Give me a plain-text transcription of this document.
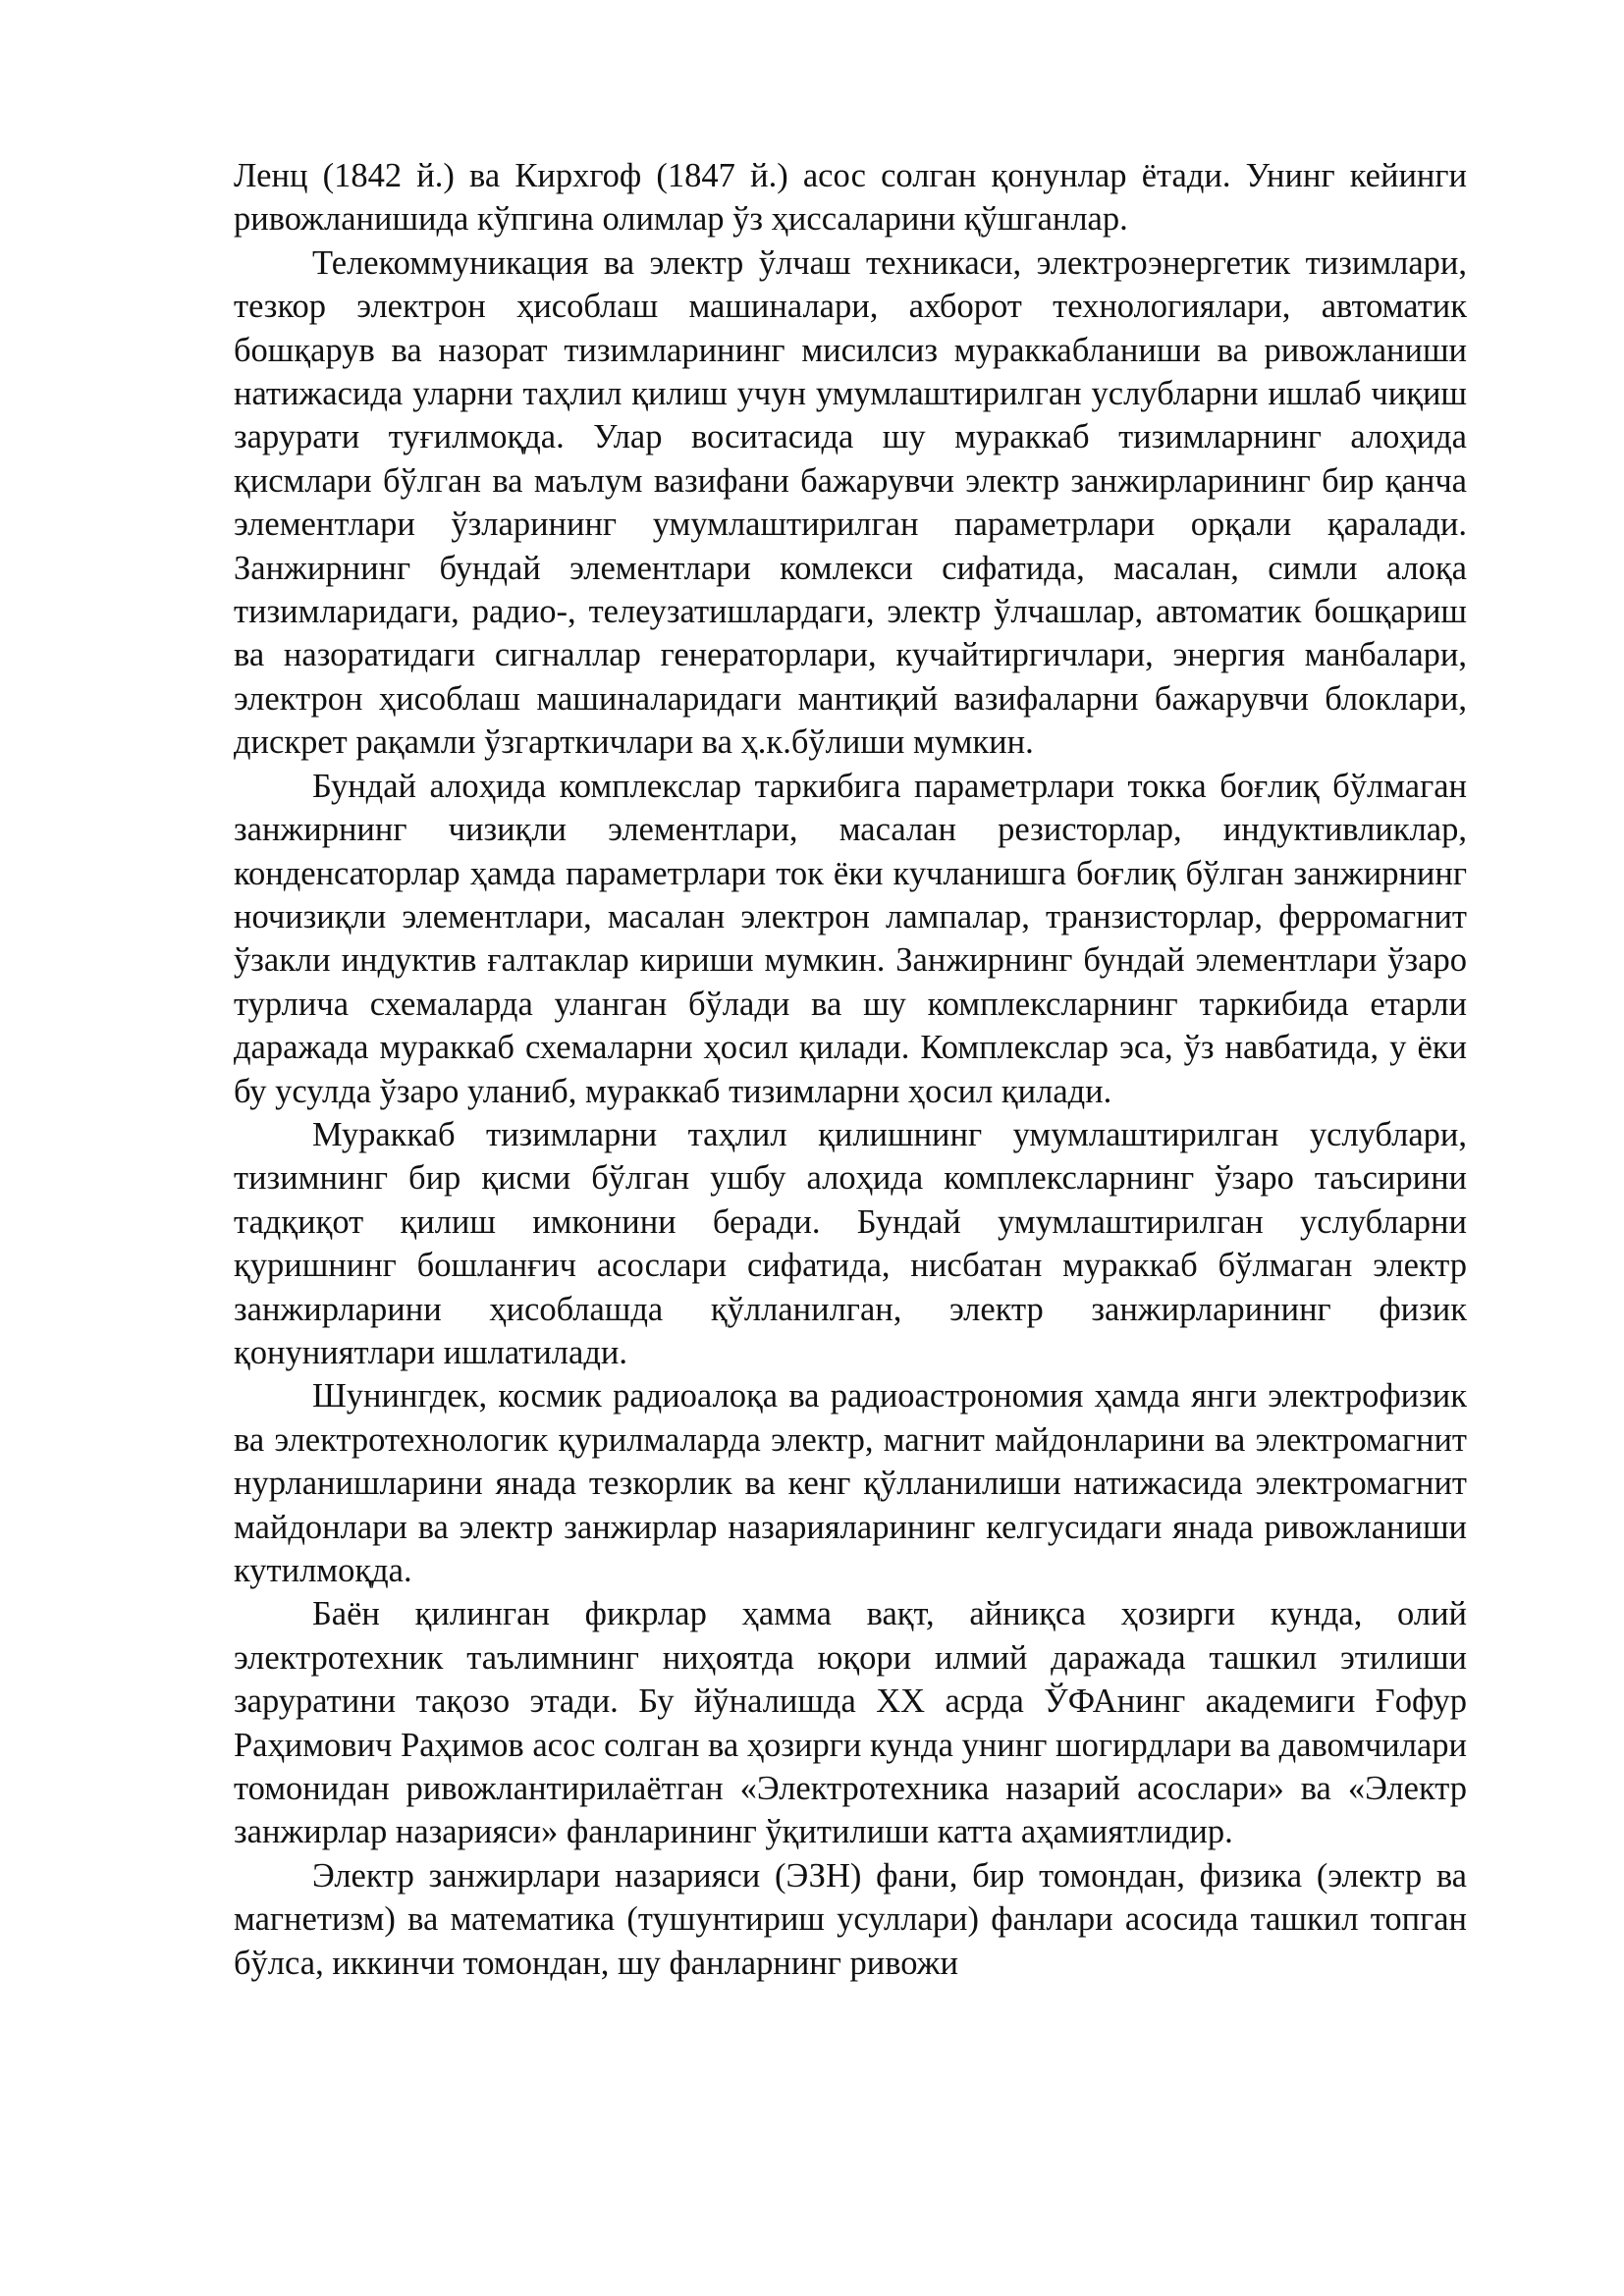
Ленц (1842 й.) ва Кирхгоф (1847 й.) асос солган қонунлар ётади. Унинг кейинги ривожланишида кўпгина олимлар ўз ҳиссаларини қўшганлар.

Телекоммуникация ва электр ўлчаш техникаси, электроэнергетик тизимлари, тезкор электрон ҳисоблаш машиналари, ахборот технологиялари, автоматик бошқарув ва назорат тизимларининг мисилсиз мураккабланиши ва ривожланиши натижасида уларни таҳлил қилиш учун умумлаштирилган услубларни ишлаб чиқиш зарурати туғилмоқда. Улар воситасида шу мураккаб тизимларнинг алоҳида қисмлари бўлган ва маълум вазифани бажарувчи электр занжирларининг бир қанча элементлари ўзларининг умумлаштирилган параметрлари орқали қаралади. Занжирнинг бундай элементлари комлекси сифатида, масалан, симли алоқа тизимларидаги, радио-, телеузатишлардаги, электр ўлчашлар, автоматик бошқариш ва назоратидаги сигналлар генераторлари, кучайтиргичлари, энергия манбалари, электрон ҳисоблаш машиналаридаги мантиқий вазифаларни бажарувчи блоклари, дискрет рақамли ўзгарткичлари ва ҳ.к.бўлиши мумкин.

Бундай алоҳида комплекслар таркибига параметрлари токка боғлиқ бўлмаган занжирнинг чизиқли элементлари, масалан резисторлар, индуктивликлар, конденсаторлар ҳамда параметрлари ток ёки кучланишга боғлиқ бўлган занжирнинг ночизиқли элементлари, масалан электрон лампалар, транзисторлар, ферромагнит ўзакли индуктив ғалтаклар кириши мумкин. Занжирнинг бундай элементлари ўзаро турлича схемаларда уланган бўлади ва шу комплексларнинг таркибида етарли даражада мураккаб схемаларни ҳосил қилади. Комплекслар эса, ўз навбатида, у ёки бу усулда ўзаро уланиб, мураккаб тизимларни ҳосил қилади.

Мураккаб тизимларни таҳлил қилишнинг умумлаштирилган услублари, тизимнинг бир қисми бўлган ушбу алоҳида комплексларнинг ўзаро таъсирини тадқиқот қилиш имконини беради. Бундай умумлаштирилган услубларни қуришнинг бошланғич асослари сифатида, нисбатан мураккаб бўлмаган электр занжирларини ҳисоблашда қўлланилган, электр занжирларининг физик қонуниятлари ишлатилади.

Шунингдек, космик радиоалоқа ва радиоастрономия ҳамда янги электрофизик ва электротехнологик қурилмаларда электр, магнит майдонларини ва электромагнит нурланишларини янада тезкорлик ва кенг қўлланилиши натижасида электромагнит майдонлари ва электр занжирлар назарияларининг келгусидаги янада ривожланиши кутилмоқда.

Баён қилинган фикрлар ҳамма вақт, айниқса ҳозирги кунда, олий электротехник таълимнинг ниҳоятда юқори илмий даражада ташкил этилиши заруратини тақозо этади. Бу йўналишда XX асрда ЎФАнинг академиги Ғофур Раҳимович Раҳимов асос солган ва ҳозирги кунда унинг шогирдлари ва давомчилари томонидан ривожлантирилаётган «Электротехника назарий асослари» ва «Электр занжирлар назарияси» фанларининг ўқитилиши катта аҳамиятлидир.

Электр занжирлари назарияси (ЭЗН) фани, бир томондан, физика (электр ва магнетизм) ва математика (тушунтириш усуллари) фанлари асосида ташкил топган бўлса, иккинчи томондан, шу фанларнинг ривожи
